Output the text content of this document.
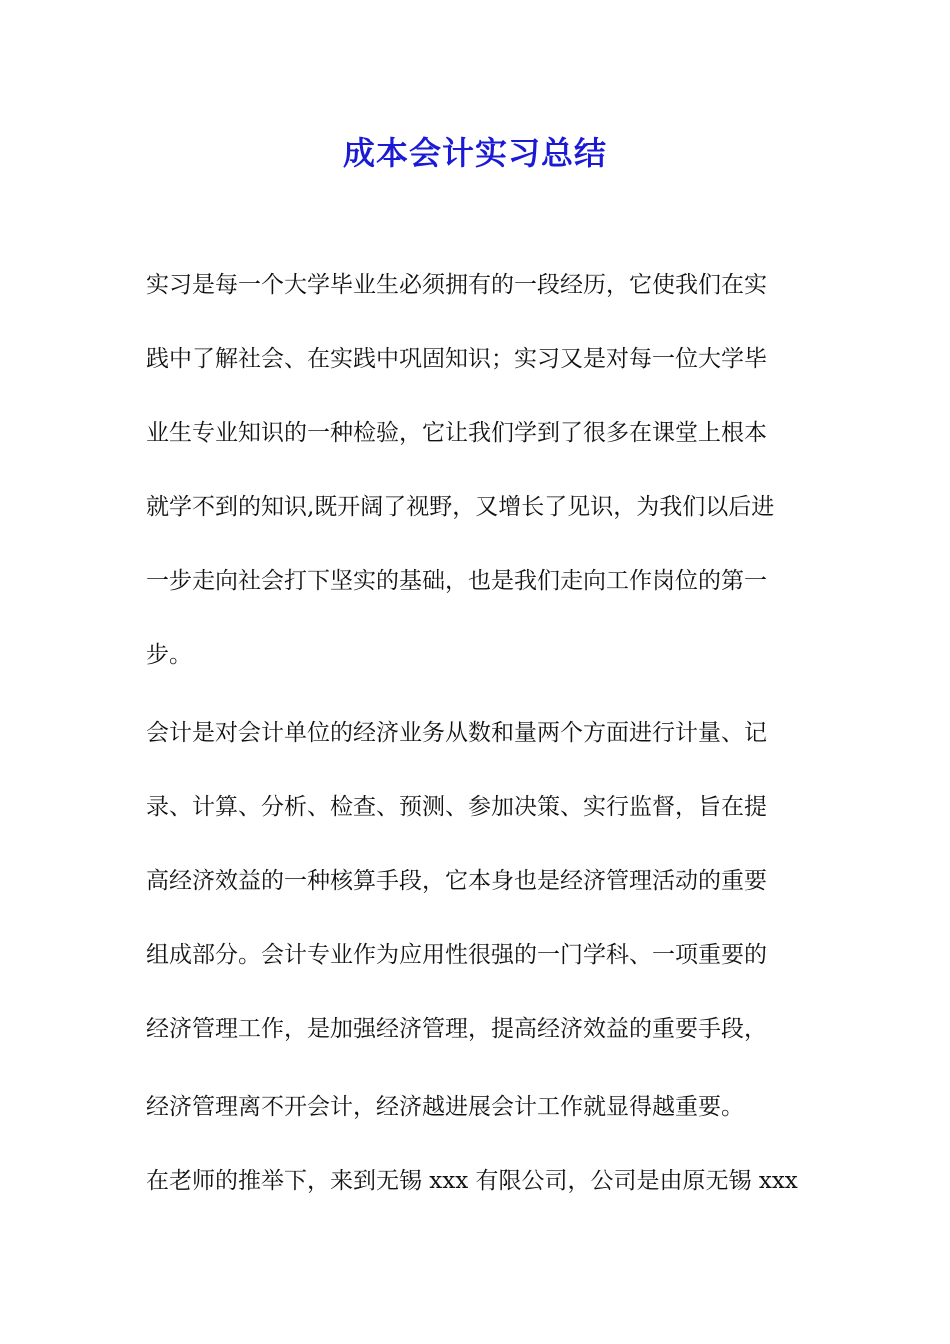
成本会计实习总结

实习是每一个大学毕业生必须拥有的一段经历，它使我们在实

践中了解社会、在实践中巩固知识；实习又是对每一位大学毕

业生专业知识的一种检验，它让我们学到了很多在课堂上根本

就学不到的知识,既开阔了视野，又增长了见识，为我们以后进

一步走向社会打下坚实的基础，也是我们走向工作岗位的第一

步。

会计是对会计单位的经济业务从数和量两个方面进行计量、记

录、计算、分析、检查、预测、参加决策、实行监督，旨在提

高经济效益的一种核算手段，它本身也是经济管理活动的重要

组成部分。会计专业作为应用性很强的一门学科、一项重要的

经济管理工作，是加强经济管理，提高经济效益的重要手段，

经济管理离不开会计，经济越进展会计工作就显得越重要。

在老师的推举下，来到无锡 xxx 有限公司，公司是由原无锡 xxx
